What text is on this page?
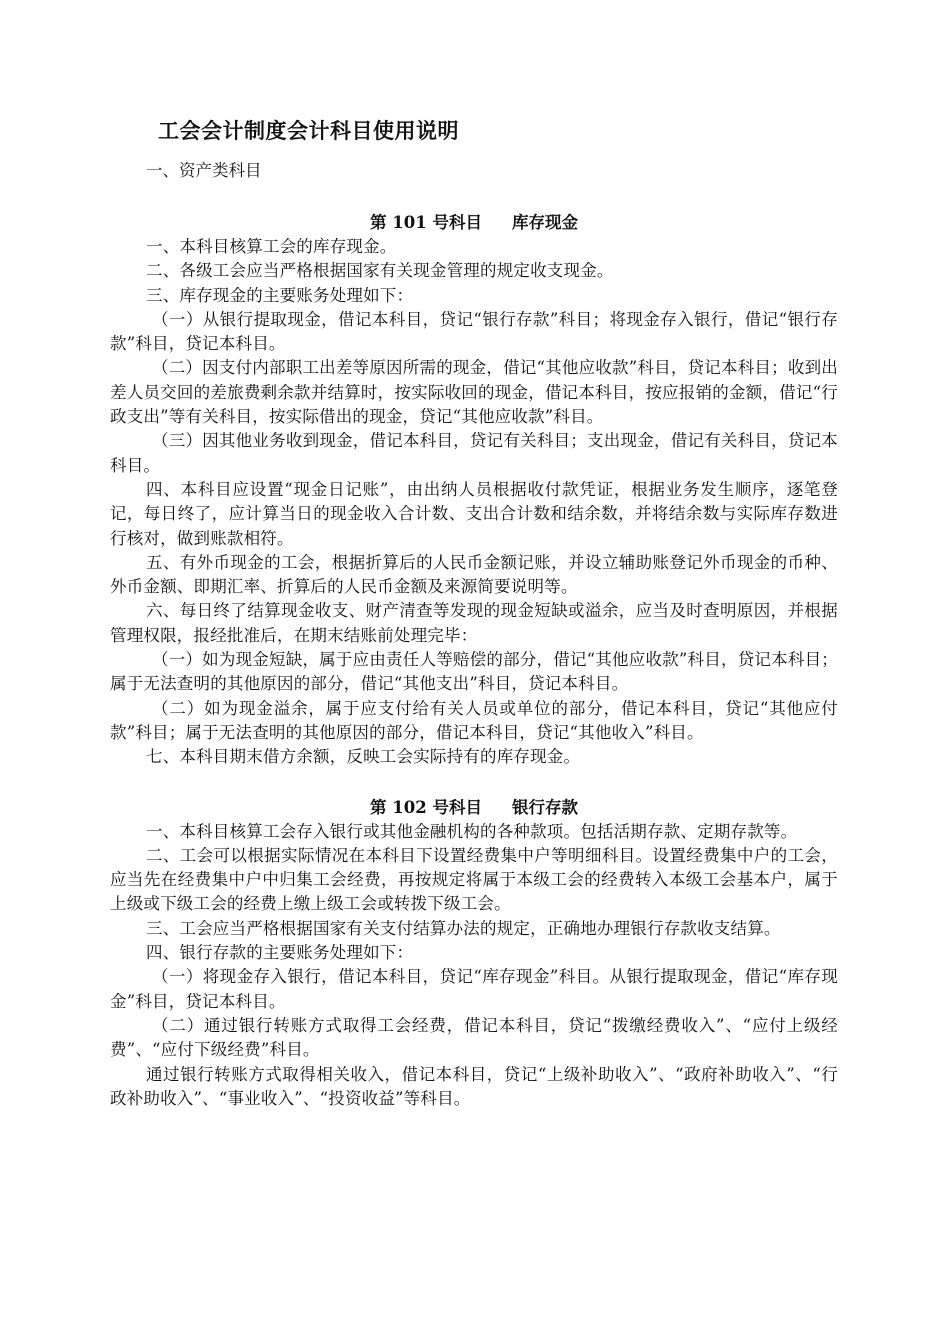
工会会计制度会计科目使用说明

一、资产类科目

第 101 号科目 库存现金

一、本科目核算工会的库存现金。

二、各级工会应当严格根据国家有关现金管理的规定收支现金。

三、库存现金的主要账务处理如下：

（一）从银行提取现金，借记本科目，贷记“银行存款”科目；将现金存入银行，借记“银行存款”科目，贷记本科目。

（二）因支付内部职工出差等原因所需的现金，借记“其他应收款”科目，贷记本科目；收到出差人员交回的差旅费剩余款并结算时，按实际收回的现金，借记本科目，按应报销的金额，借记“行政支出”等有关科目，按实际借出的现金，贷记“其他应收款”科目。

（三）因其他业务收到现金，借记本科目，贷记有关科目；支出现金，借记有关科目，贷记本科目。

四、本科目应设置“现金日记账”，由出纳人员根据收付款凭证，根据业务发生顺序，逐笔登记，每日终了，应计算当日的现金收入合计数、支出合计数和结余数，并将结余数与实际库存数进行核对，做到账款相符。

五、有外币现金的工会，根据折算后的人民币金额记账，并设立辅助账登记外币现金的币种、外币金额、即期汇率、折算后的人民币金额及来源简要说明等。

六、每日终了结算现金收支、财产清查等发现的现金短缺或溢余，应当及时查明原因，并根据管理权限，报经批准后，在期末结账前处理完毕：

（一）如为现金短缺，属于应由责任人等赔偿的部分，借记“其他应收款”科目，贷记本科目；属于无法查明的其他原因的部分，借记“其他支出”科目，贷记本科目。

（二）如为现金溢余，属于应支付给有关人员或单位的部分，借记本科目，贷记“其他应付款”科目；属于无法查明的其他原因的部分，借记本科目，贷记“其他收入”科目。

七、本科目期末借方余额，反映工会实际持有的库存现金。

第 102 号科目 银行存款

一、本科目核算工会存入银行或其他金融机构的各种款项。包括活期存款、定期存款等。

二、工会可以根据实际情况在本科目下设置经费集中户等明细科目。设置经费集中户的工会，应当先在经费集中户中归集工会经费，再按规定将属于本级工会的经费转入本级工会基本户，属于上级或下级工会的经费上缴上级工会或转拨下级工会。

三、工会应当严格根据国家有关支付结算办法的规定，正确地办理银行存款收支结算。

四、银行存款的主要账务处理如下：

（一）将现金存入银行，借记本科目，贷记“库存现金”科目。从银行提取现金，借记“库存现金”科目，贷记本科目。

（二）通过银行转账方式取得工会经费，借记本科目，贷记“拨缴经费收入”、“应付上级经费”、“应付下级经费”科目。

通过银行转账方式取得相关收入，借记本科目，贷记“上级补助收入”、“政府补助收入”、“行政补助收入”、“事业收入”、“投资收益”等科目。
